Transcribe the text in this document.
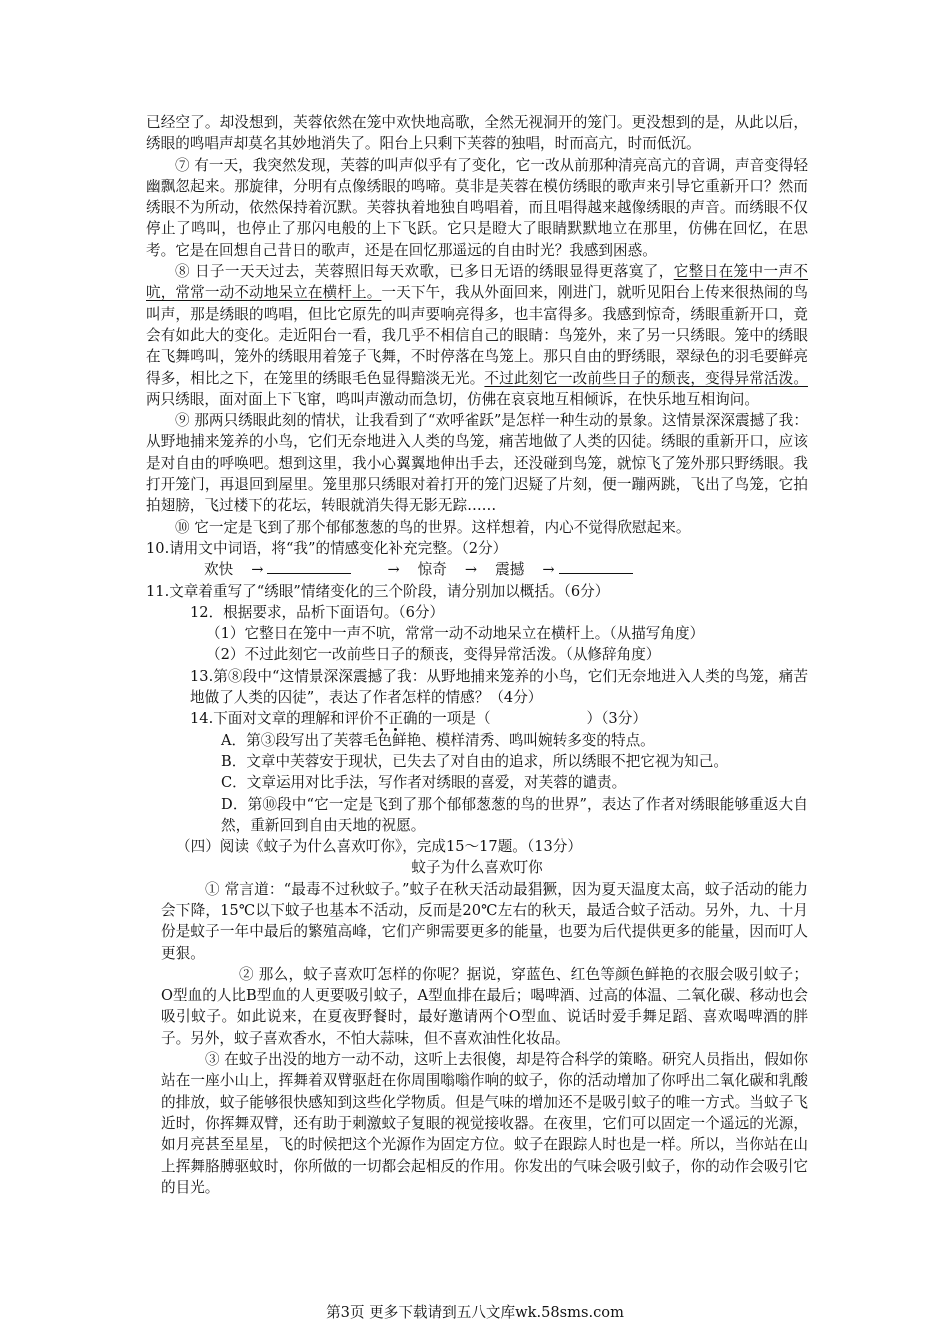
已经空了。却没想到，芙蓉依然在笼中欢快地高歌，全然无视洞开的笼门。更没想到的是，从此以后，绣眼的鸣唱声却莫名其妙地消失了。阳台上只剩下芙蓉的独唱，时而高亢，时而低沉。

⑦ 有一天，我突然发现，芙蓉的叫声似乎有了变化，它一改从前那种清亮高亢的音调，声音变得轻幽飘忽起来。那旋律，分明有点像绣眼的鸣啼。莫非是芙蓉在模仿绣眼的歌声来引导它重新开口？然而绣眼不为所动，依然保持着沉默。芙蓉执着地独自鸣唱着，而且唱得越来越像绣眼的声音。而绣眼不仅停止了鸣叫，也停止了那闪电般的上下飞跃。它只是瞪大了眼睛默默地立在那里，仿佛在回忆，在思考。它是在回想自己昔日的歌声，还是在回忆那遥远的自由时光？我感到困惑。

⑧ 日子一天天过去，芙蓉照旧每天欢歌，已多日无语的绣眼显得更落寞了，它整日在笼中一声不吭，常常一动不动地呆立在横杆上。一天下午，我从外面回来，刚进门，就听见阳台上传来很热闹的鸟叫声，那是绣眼的鸣唱，但比它原先的叫声要响亮得多，也丰富得多。我感到惊奇，绣眼重新开口，竟会有如此大的变化。走近阳台一看，我几乎不相信自己的眼睛：鸟笼外，来了另一只绣眼。笼中的绣眼在飞舞鸣叫，笼外的绣眼用着笼子飞舞，不时停落在鸟笼上。那只自由的野绣眼，翠绿色的羽毛要鲜亮得多，相比之下，在笼里的绣眼毛色显得黯淡无光。不过此刻它一改前些日子的颓丧，变得异常活泼。两只绣眼，面对面上下飞窜，鸣叫声激动而急切，仿佛在哀哀地互相倾诉，在快乐地互相询问。

⑨ 那两只绣眼此刻的情状，让我看到了“欢呼雀跃”是怎样一种生动的景象。这情景深深震撼了我：从野地捕来笼养的小鸟，它们无奈地进入人类的鸟笼，痛苦地做了人类的囚徒。绣眼的重新开口，应该是对自由的呼唤吧。想到这里，我小心翼翼地伸出手去，还没碰到鸟笼，就惊飞了笼外那只野绣眼。我打开笼门，再退回到屋里。笼里那只绣眼对着打开的笼门迟疑了片刻，便一蹦两跳，飞出了鸟笼，它拍拍翅膀，飞过楼下的花坛，转眼就消失得无影无踪……

⑩ 它一定是飞到了那个郁郁葱葱的鸟的世界。这样想着，内心不觉得欣慰起来。

10.请用文中词语，将“我”的情感变化补充完整。（2分）

欢快 →	→ 惊奇 → 震撼 →

11.文章着重写了“绣眼”情绪变化的三个阶段，请分别加以概括。（6分）

12．根据要求，品析下面语句。（6分）

（1）它整日在笼中一声不吭，常常一动不动地呆立在横杆上。（从描写角度）

（2）不过此刻它一改前些日子的颓丧，变得异常活泼。（从修辞角度）

13.第⑧段中“这情景深深震撼了我：从野地捕来笼养的小鸟，它们无奈地进入人类的鸟笼，痛苦地做了人类的囚徒”，表达了作者怎样的情感？（4分）

14.下面对文章的理解和评价不正确的一项是（	）（3分）

A．第③段写出了芙蓉毛色鲜艳、模样清秀、鸣叫婉转多变的特点。

B．文章中芙蓉安于现状，已失去了对自由的追求，所以绣眼不把它视为知己。

C．文章运用对比手法，写作者对绣眼的喜爱，对芙蓉的谴责。

D．第⑩段中“它一定是飞到了那个郁郁葱葱的鸟的世界”，表达了作者对绣眼能够重返大自然，重新回到自由天地的祝愿。

（四）阅读《蚊子为什么喜欢叮你》，完成15～17题。（13分）

蚊子为什么喜欢叮你

① 常言道：“最毒不过秋蚊子。”蚊子在秋天活动最猖獗，因为夏天温度太高，蚊子活动的能力会下降，15℃以下蚊子也基本不活动，反而是20℃左右的秋天，最适合蚊子活动。另外，九、十月份是蚊子一年中最后的繁殖高峰，它们产卵需要更多的能量，也要为后代提供更多的能量，因而叮人更狠。

② 那么，蚊子喜欢叮怎样的你呢？据说，穿蓝色、红色等颜色鲜艳的衣服会吸引蚊子；O型血的人比B型血的人更要吸引蚊子，A型血排在最后；喝啤酒、过高的体温、二氧化碳、移动也会吸引蚊子。如此说来，在夏夜野餐时，最好邀请两个O型血、说话时爱手舞足蹈、喜欢喝啤酒的胖子。另外，蚊子喜欢香水，不怕大蒜味，但不喜欢油性化妆品。

③ 在蚊子出没的地方一动不动，这听上去很傻，却是符合科学的策略。研究人员指出，假如你站在一座小山上，挥舞着双臂驱赶在你周围嗡嗡作响的蚊子，你的活动增加了你呼出二氧化碳和乳酸的排放，蚊子能够很快感知到这些化学物质。但是气味的增加还不是吸引蚊子的唯一方式。当蚊子飞近时，你挥舞双臂，还有助于刺激蚊子复眼的视觉接收器。在夜里，它们可以固定一个遥远的光源，如月亮甚至星星，飞的时候把这个光源作为固定方位。蚊子在跟踪人时也是一样。所以，当你站在山上挥舞胳膊驱蚊时，你所做的一切都会起相反的作用。你发出的气味会吸引蚊子，你的动作会吸引它的目光。

第3页 更多下载请到五八文库wk.58sms.com
